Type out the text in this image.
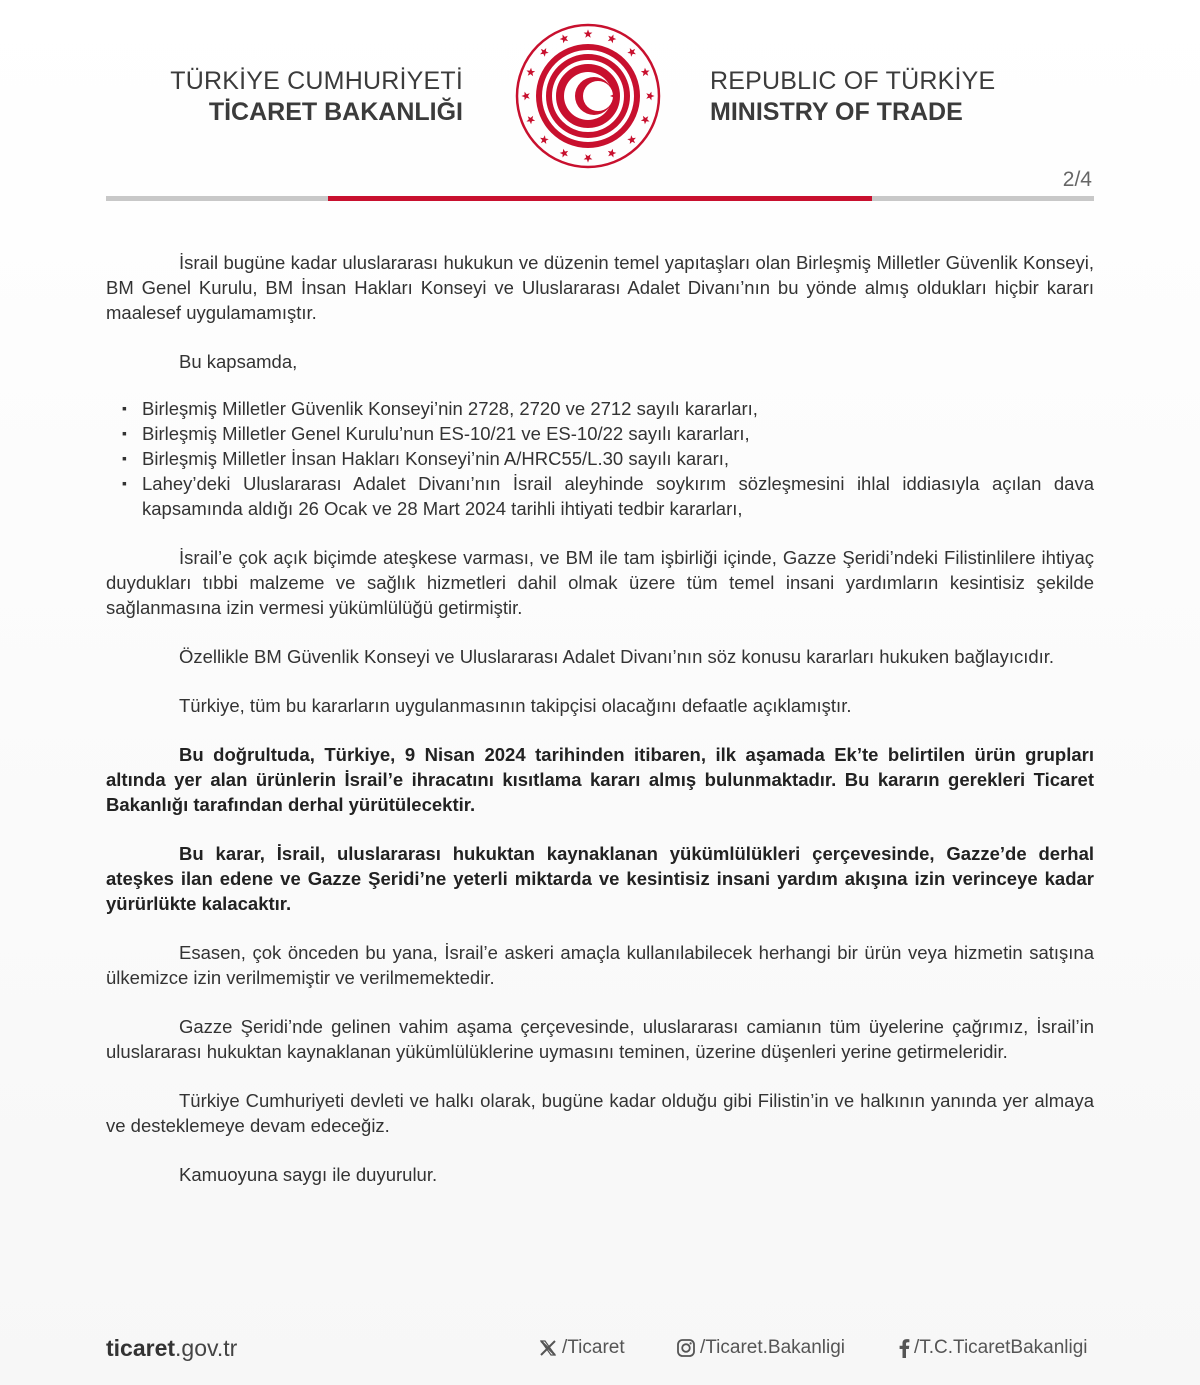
TÜRKİYE CUMHURİYETİ
TİCARET BAKANLIĞI
REPUBLIC OF TÜRKİYE
MINISTRY OF TRADE
2/4

İsrail bugüne kadar uluslararası hukukun ve düzenin temel yapıtaşları olan Birleşmiş Milletler Güvenlik Konseyi, BM Genel Kurulu, BM İnsan Hakları Konseyi ve Uluslararası Adalet Divanı’nın bu yönde almış oldukları hiçbir kararı maalesef uygulamamıştır.

Bu kapsamda,

▪ Birleşmiş Milletler Güvenlik Konseyi’nin 2728, 2720 ve 2712 sayılı kararları,
▪ Birleşmiş Milletler Genel Kurulu’nun ES-10/21 ve ES-10/22 sayılı kararları,
▪ Birleşmiş Milletler İnsan Hakları Konseyi’nin A/HRC55/L.30 sayılı kararı,
▪ Lahey’deki Uluslararası Adalet Divanı’nın İsrail aleyhinde soykırım sözleşmesini ihlal iddiasıyla açılan dava kapsamında aldığı 26 Ocak ve 28 Mart 2024 tarihli ihtiyati tedbir kararları,

İsrail’e çok açık biçimde ateşkese varması, ve BM ile tam işbirliği içinde, Gazze Şeridi’ndeki Filistinlilere ihtiyaç duydukları tıbbi malzeme ve sağlık hizmetleri dahil olmak üzere tüm temel insani yardımların kesintisiz şekilde sağlanmasına izin vermesi yükümlülüğü getirmiştir.

Özellikle BM Güvenlik Konseyi ve Uluslararası Adalet Divanı’nın söz konusu kararları hukuken bağlayıcıdır.

Türkiye, tüm bu kararların uygulanmasının takipçisi olacağını defaatle açıklamıştır.

Bu doğrultuda, Türkiye, 9 Nisan 2024 tarihinden itibaren, ilk aşamada Ek’te belirtilen ürün grupları altında yer alan ürünlerin İsrail’e ihracatını kısıtlama kararı almış bulunmaktadır. Bu kararın gerekleri Ticaret Bakanlığı tarafından derhal yürütülecektir.

Bu karar, İsrail, uluslararası hukuktan kaynaklanan yükümlülükleri çerçevesinde, Gazze’de derhal ateşkes ilan edene ve Gazze Şeridi’ne yeterli miktarda ve kesintisiz insani yardım akışına izin verinceye kadar yürürlükte kalacaktır.

Esasen, çok önceden bu yana, İsrail’e askeri amaçla kullanılabilecek herhangi bir ürün veya hizmetin satışına ülkemizce izin verilmemiştir ve verilmemektedir.

Gazze Şeridi’nde gelinen vahim aşama çerçevesinde, uluslararası camianın tüm üyelerine çağrımız, İsrail’in uluslararası hukuktan kaynaklanan yükümlülüklerine uymasını teminen, üzerine düşenleri yerine getirmeleridir.

Türkiye Cumhuriyeti devleti ve halkı olarak, bugüne kadar olduğu gibi Filistin’in ve halkının yanında yer almaya ve desteklemeye devam edeceğiz.

Kamuoyuna saygı ile duyurulur.

ticaret.gov.tr	/Ticaret	/Ticaret.Bakanligi	/T.C.TicaretBakanligi
